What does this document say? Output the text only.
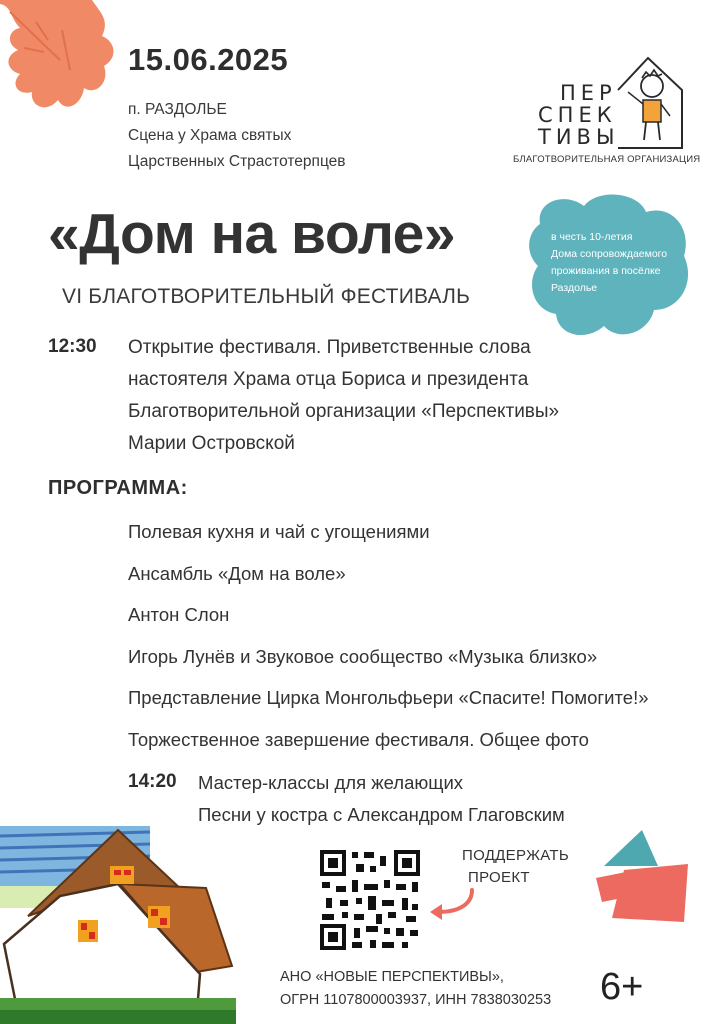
15.06.2025
п. РАЗДОЛЬЕ
Сцена у Храма святых
Царственных Страстотерпцев
ПЕР
СПЕК
ТИВЫ
БЛАГОТВОРИТЕЛЬНАЯ ОРГАНИЗАЦИЯ
«Дом на воле»
VI БЛАГОТВОРИТЕЛЬНЫЙ ФЕСТИВАЛЬ
в честь 10-летия
Дома сопровождаемого
проживания в посёлке
Раздолье
12:30 Открытие фестиваля. Приветственные слова
настоятеля Храма отца Бориса и президента
Благотворительной организации «Перспективы»
Марии Островской
ПРОГРАММА:
Полевая кухня и чай с угощениями
Ансамбль «Дом на воле»
Антон Слон
Игорь Лунёв и Звуковое сообщество «Музыка близко»
Представление Цирка Монгольфьери «Спасите! Помогите!»
Торжественное завершение фестиваля. Общее фото
14:20 Мастер-классы для желающих
Песни у костра с Александром Глаговским
ПОДДЕРЖАТЬ
ПРОЕКТ
АНО «НОВЫЕ ПЕРСПЕКТИВЫ»,
ОГРН 1107800003937, ИНН 7838030253 6+
